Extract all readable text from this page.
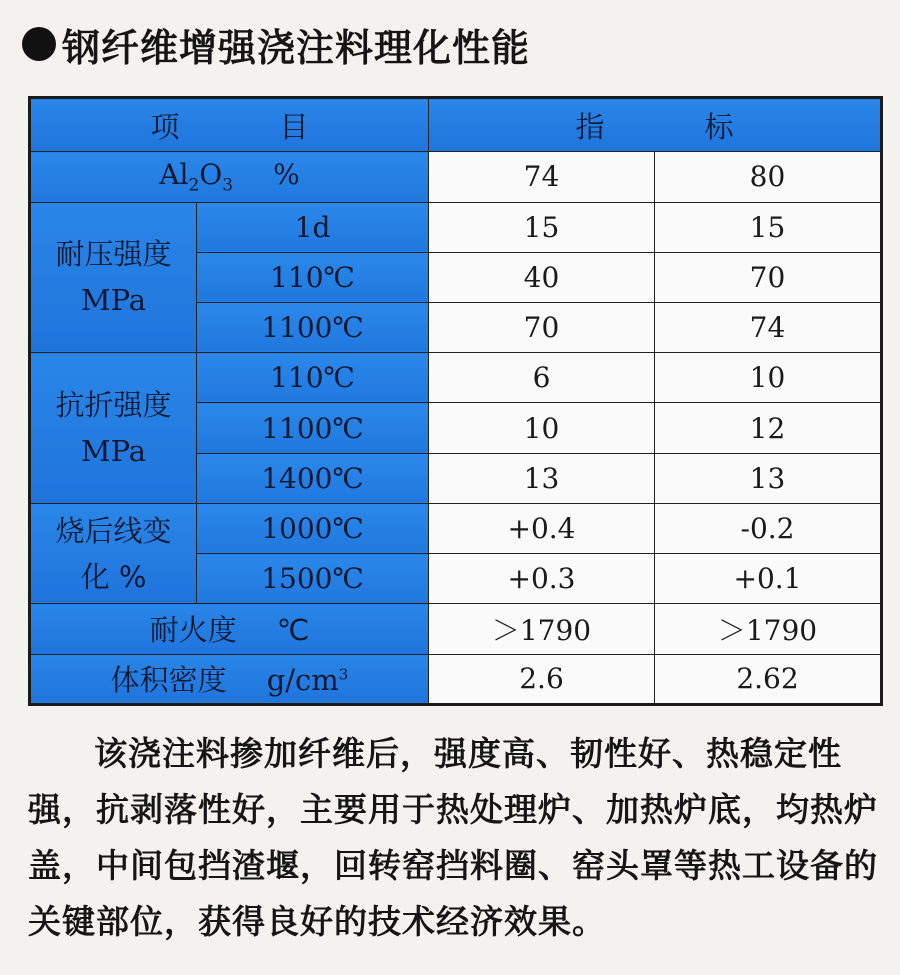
钢纤维增强浇注料理化性能
项 目		指 标	
$Al_2O_3$ %		74	80
耐压强度
MPa	1d	15	15
	110℃	40	70
	1100℃	70	74
抗折强度
MPa	110℃	6	10
	1100℃	10	12
	1400℃	13	13
烧后线变
化 %	1000℃	+0.4	-0.2
	1500℃	+0.3	+0.1
耐火度 ℃		＞1790	＞1790
体积密度 $g/cm^3$		2.6	2.62

该浇注料掺加纤维后，强度高、韧性好、热稳定性强，抗剥落性好，主要用于热处理炉、加热炉底，均热炉盖，中间包挡渣堰，回转窑挡料圈、窑头罩等热工设备的关键部位，获得良好的技术经济效果。
